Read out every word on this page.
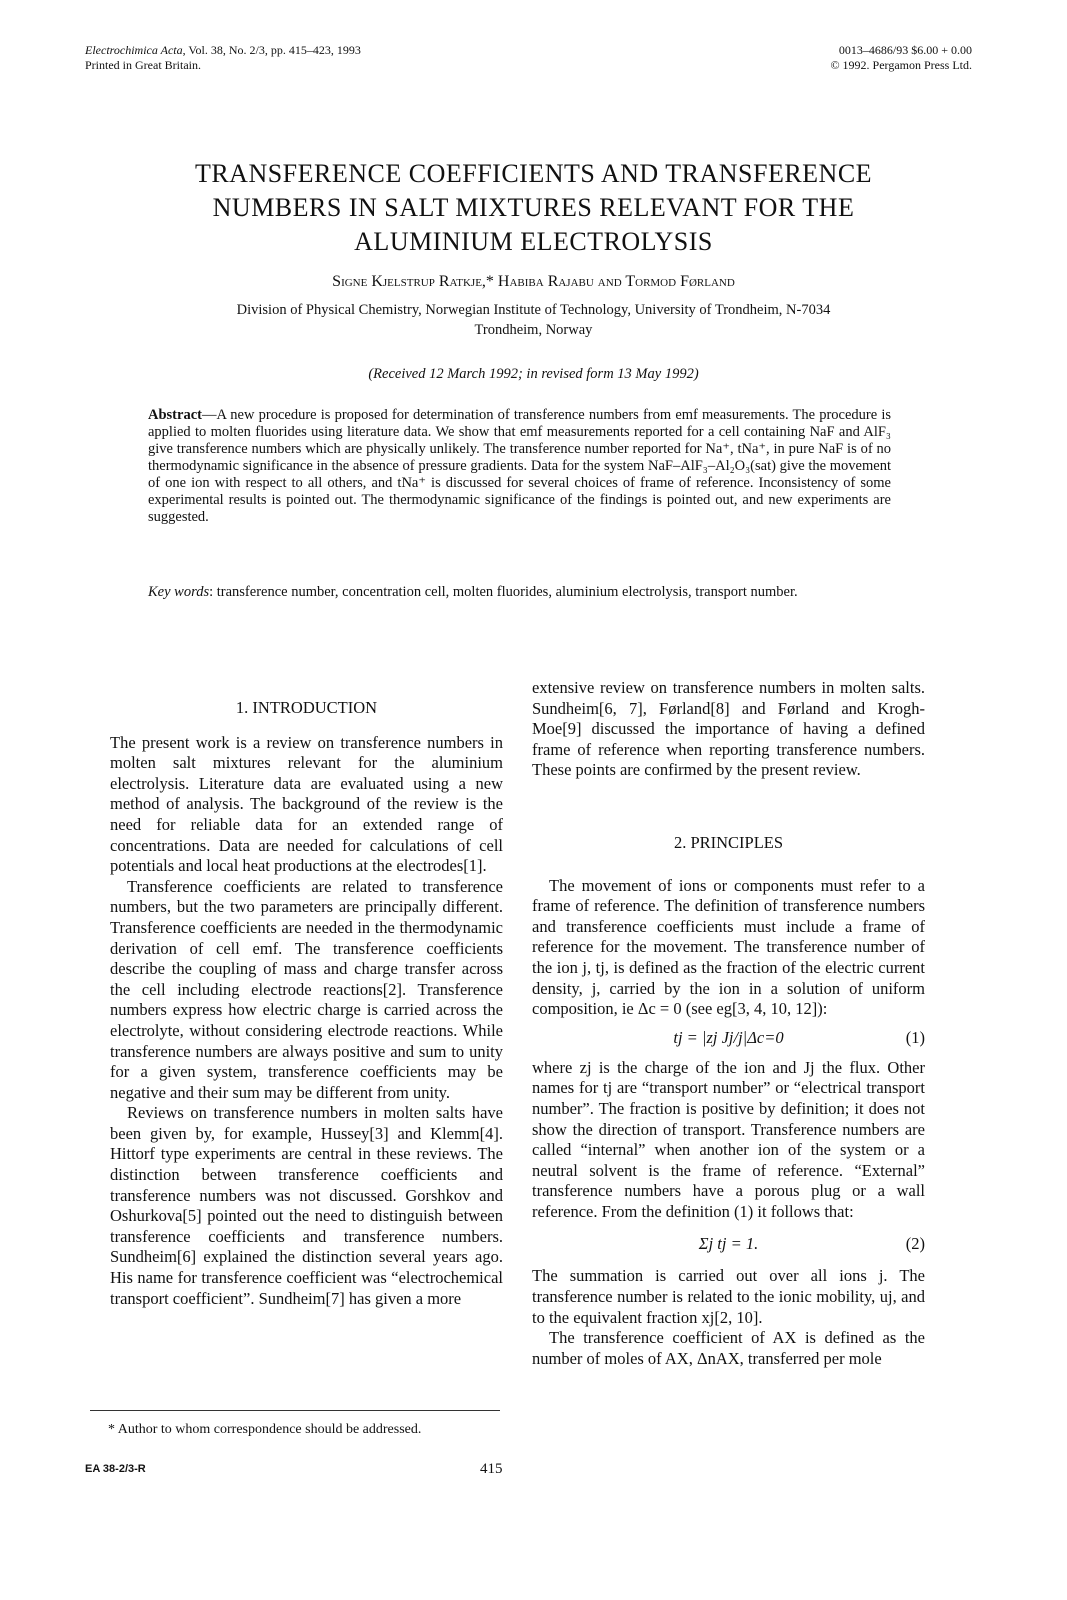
Electrochimica Acta, Vol. 38, No. 2/3, pp. 415–423, 1993
Printed in Great Britain.
0013–4686/93 $6.00 + 0.00
© 1992. Pergamon Press Ltd.
TRANSFERENCE COEFFICIENTS AND TRANSFERENCE
NUMBERS IN SALT MIXTURES RELEVANT FOR THE
ALUMINIUM ELECTROLYSIS
Signe Kjelstrup Ratkje,* Habiba Rajabu and Tormod Førland
Division of Physical Chemistry, Norwegian Institute of Technology, University of Trondheim, N-7034
Trondheim, Norway
(Received 12 March 1992; in revised form 13 May 1992)
Abstract—A new procedure is proposed for determination of transference numbers from emf measurements. The procedure is applied to molten fluorides using literature data. We show that emf measurements reported for a cell containing NaF and AlF₃ give transference numbers which are physically unlikely. The transference number reported for Na⁺, tNa⁺, in pure NaF is of no thermodynamic significance in the absence of pressure gradients. Data for the system NaF–AlF₃–Al₂O₃(sat) give the movement of one ion with respect to all others, and tNa⁺ is discussed for several choices of frame of reference. Inconsistency of some experimental results is pointed out. The thermodynamic significance of the findings is pointed out, and new experiments are suggested.
Key words: transference number, concentration cell, molten fluorides, aluminium electrolysis, transport number.

1. INTRODUCTION

The present work is a review on transference numbers in molten salt mixtures relevant for the aluminium electrolysis. Literature data are evaluated using a new method of analysis. The background of the review is the need for reliable data for an extended range of concentrations. Data are needed for calculations of cell potentials and local heat productions at the electrodes[1].

Transference coefficients are related to transference numbers, but the two parameters are principally different. Transference coefficients are needed in the thermodynamic derivation of cell emf. The transference coefficients describe the coupling of mass and charge transfer across the cell including electrode reactions[2]. Transference numbers express how electric charge is carried across the electrolyte, without considering electrode reactions. While transference numbers are always positive and sum to unity for a given system, transference coefficients may be negative and their sum may be different from unity.

Reviews on transference numbers in molten salts have been given by, for example, Hussey[3] and Klemm[4]. Hittorf type experiments are central in these reviews. The distinction between transference coefficients and transference numbers was not discussed. Gorshkov and Oshurkova[5] pointed out the need to distinguish between transference coefficients and transference numbers. Sundheim[6] explained the distinction several years ago. His name for transference coefficient was “electrochemical transport coefficient”. Sundheim[7] has given a more

extensive review on transference numbers in molten salts. Sundheim[6, 7], Førland[8] and Førland and Krogh-Moe[9] discussed the importance of having a defined frame of reference when reporting transference numbers. These points are confirmed by the present review.

2. PRINCIPLES

The movement of ions or components must refer to a frame of reference. The definition of transference numbers and transference coefficients must include a frame of reference for the movement. The transference number of the ion j, tj, is defined as the fraction of the electric current density, j, carried by the ion in a solution of uniform composition, ie Δc = 0 (see eg[3, 4, 10, 12]):

tj = |zj Jj/j|Δc=0	(1)

where zj is the charge of the ion and Jj the flux. Other names for tj are “transport number” or “electrical transport number”. The fraction is positive by definition; it does not show the direction of transport. Transference numbers are called “internal” when another ion of the system or a neutral solvent is the frame of reference. “External” transference numbers have a porous plug or a wall reference. From the definition (1) it follows that:

Σj tj = 1.	(2)

The summation is carried out over all ions j. The transference number is related to the ionic mobility, uj, and to the equivalent fraction xj[2, 10].

The transference coefficient of AX is defined as the number of moles of AX, ΔnAX, transferred per mole

* Author to whom correspondence should be addressed.
EA 38-2/3-R	415
